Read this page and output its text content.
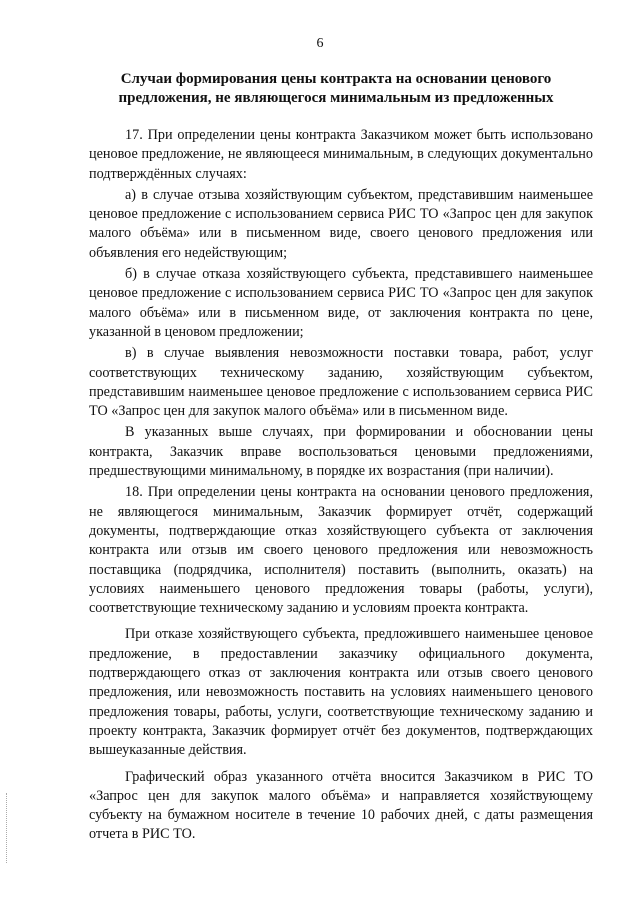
6
Случаи формирования цены контракта на основании ценового предложения, не являющегося минимальным из предложенных

17. При определении цены контракта Заказчиком может быть использовано ценовое предложение, не являющееся минимальным, в следующих документально подтверждённых случаях:

а) в случае отзыва хозяйствующим субъектом, представившим наименьшее ценовое предложение с использованием сервиса РИС ТО «Запрос цен для закупок малого объёма» или в письменном виде, своего ценового предложения или объявления его недействующим;

б) в случае отказа хозяйствующего субъекта, представившего наименьшее ценовое предложение с использованием сервиса РИС ТО «Запрос цен для закупок малого объёма» или в письменном виде, от заключения контракта по цене, указанной в ценовом предложении;

в) в случае выявления невозможности поставки товара, работ, услуг соответствующих техническому заданию, хозяйствующим субъектом, представившим наименьшее ценовое предложение с использованием сервиса РИС ТО «Запрос цен для закупок малого объёма» или в письменном виде.

В указанных выше случаях, при формировании и обосновании цены контракта, Заказчик вправе воспользоваться ценовыми предложениями, предшествующими минимальному, в порядке их возрастания (при наличии).

18. При определении цены контракта на основании ценового предложения, не являющегося минимальным, Заказчик формирует отчёт, содержащий документы, подтверждающие отказ хозяйствующего субъекта от заключения контракта или отзыв им своего ценового предложения или невозможность поставщика (подрядчика, исполнителя) поставить (выполнить, оказать) на условиях наименьшего ценового предложения товары (работы, услуги), соответствующие техническому заданию и условиям проекта контракта.

При отказе хозяйствующего субъекта, предложившего наименьшее ценовое предложение, в предоставлении заказчику официального документа, подтверждающего отказ от заключения контракта или отзыв своего ценового предложения, или невозможность поставить на условиях наименьшего ценового предложения товары, работы, услуги, соответствующие техническому заданию и проекту контракта, Заказчик формирует отчёт без документов, подтверждающих вышеуказанные действия.

Графический образ указанного отчёта вносится Заказчиком в РИС ТО «Запрос цен для закупок малого объёма» и направляется хозяйствующему субъекту на бумажном носителе в течение 10 рабочих дней, с даты размещения отчета в РИС ТО.
